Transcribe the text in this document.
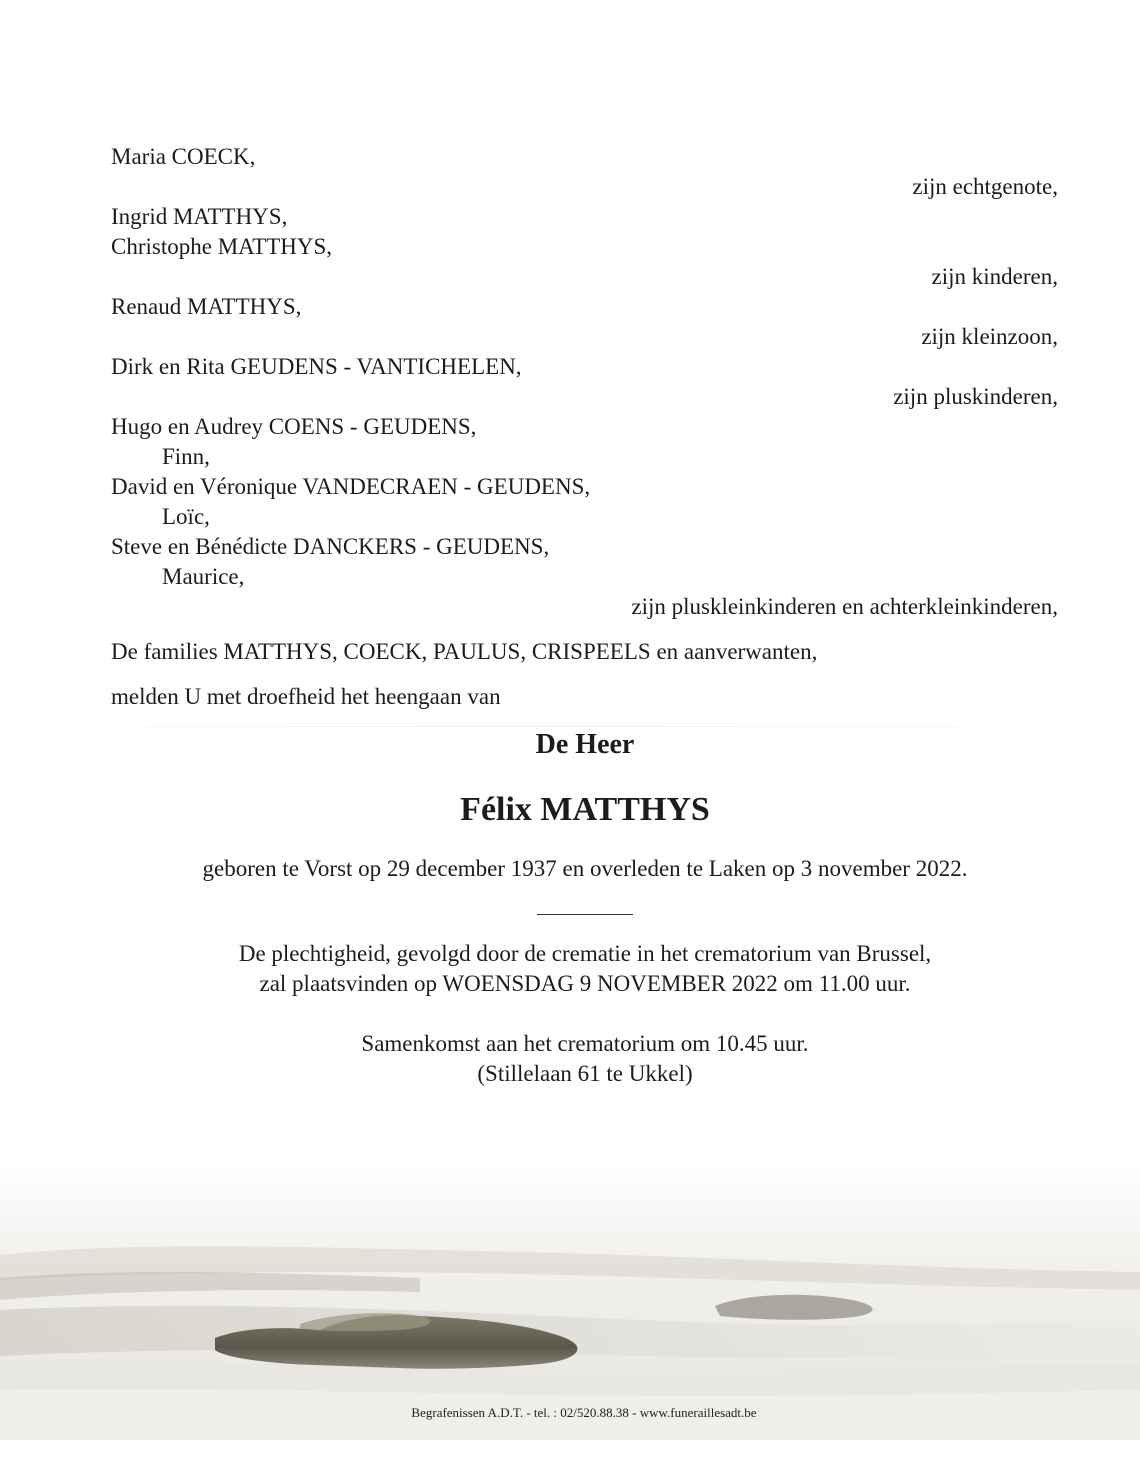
Maria COECK,
zijn echtgenote,
Ingrid MATTHYS,
Christophe MATTHYS,
zijn kinderen,
Renaud MATTHYS,
zijn kleinzoon,
Dirk en Rita GEUDENS - VANTICHELEN,
zijn pluskinderen,
Hugo en Audrey COENS - GEUDENS,
Finn,
David en Véronique VANDECRAEN - GEUDENS,
Loïc,
Steve en Bénédicte DANCKERS - GEUDENS,
Maurice,
zijn pluskleinkinderen en achterkleinkinderen,
De families MATTHYS, COECK, PAULUS, CRISPEELS en aanverwanten,
melden U met droefheid het heengaan van
De Heer
Félix MATTHYS
geboren te Vorst op 29 december 1937 en overleden te Laken op 3 november 2022.
De plechtigheid, gevolgd door de crematie in het crematorium van Brussel,
zal plaatsvinden op WOENSDAG 9 NOVEMBER 2022 om 11.00 uur.
Samenkomst aan het crematorium om 10.45 uur.
(Stillelaan 61 te Ukkel)
Begrafenissen A.D.T. - tel. : 02/520.88.38 - www.funeraillesadt.be
